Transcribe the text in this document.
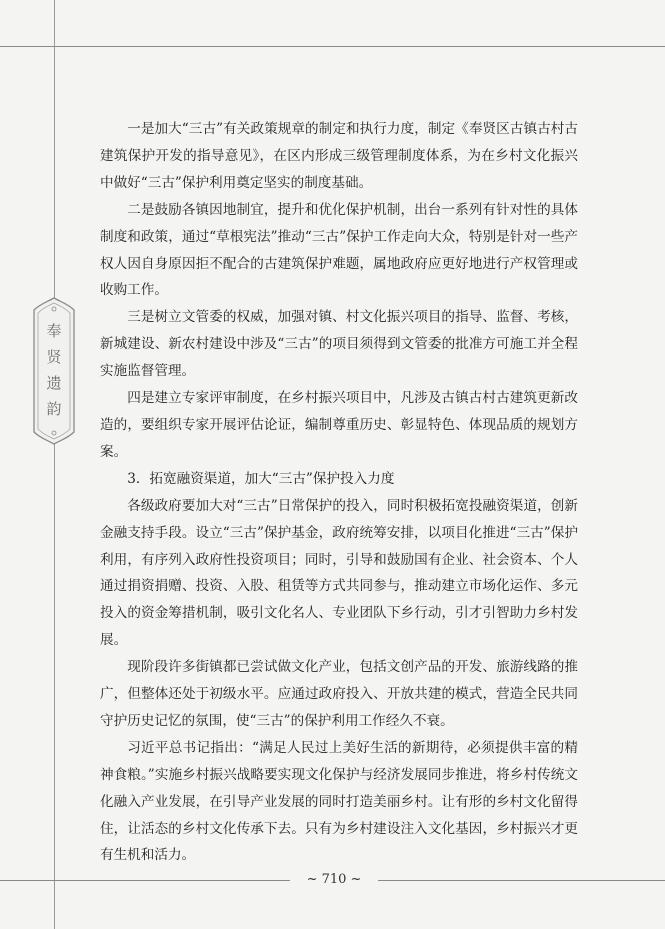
奉
贤
遗
韵

一是加大“三古”有关政策规章的制定和执行力度，制定《奉贤区古镇古村古建筑保护开发的指导意见》，在区内形成三级管理制度体系，为在乡村文化振兴中做好“三古”保护利用奠定坚实的制度基础。

二是鼓励各镇因地制宜，提升和优化保护机制，出台一系列有针对性的具体制度和政策，通过“草根宪法”推动“三古”保护工作走向大众，特别是针对一些产权人因自身原因拒不配合的古建筑保护难题，属地政府应更好地进行产权管理或收购工作。

三是树立文管委的权威，加强对镇、村文化振兴项目的指导、监督、考核，新城建设、新农村建设中涉及“三古”的项目须得到文管委的批准方可施工并全程实施监督管理。

四是建立专家评审制度，在乡村振兴项目中，凡涉及古镇古村古建筑更新改造的，要组织专家开展评估论证，编制尊重历史、彰显特色、体现品质的规划方案。

3．拓宽融资渠道，加大“三古”保护投入力度

各级政府要加大对“三古”日常保护的投入，同时积极拓宽投融资渠道，创新金融支持手段。设立“三古”保护基金，政府统筹安排，以项目化推进“三古”保护利用，有序列入政府性投资项目；同时，引导和鼓励国有企业、社会资本、个人通过捐资捐赠、投资、入股、租赁等方式共同参与，推动建立市场化运作、多元投入的资金筹措机制，吸引文化名人、专业团队下乡行动，引才引智助力乡村发展。

现阶段许多街镇都已尝试做文化产业，包括文创产品的开发、旅游线路的推广，但整体还处于初级水平。应通过政府投入、开放共建的模式，营造全民共同守护历史记忆的氛围，使“三古”的保护利用工作经久不衰。

习近平总书记指出：“满足人民过上美好生活的新期待，必须提供丰富的精神食粮。”实施乡村振兴战略要实现文化保护与经济发展同步推进，将乡村传统文化融入产业发展，在引导产业发展的同时打造美丽乡村。让有形的乡村文化留得住，让活态的乡村文化传承下去。只有为乡村建设注入文化基因，乡村振兴才更有生机和活力。

~ 710 ~
